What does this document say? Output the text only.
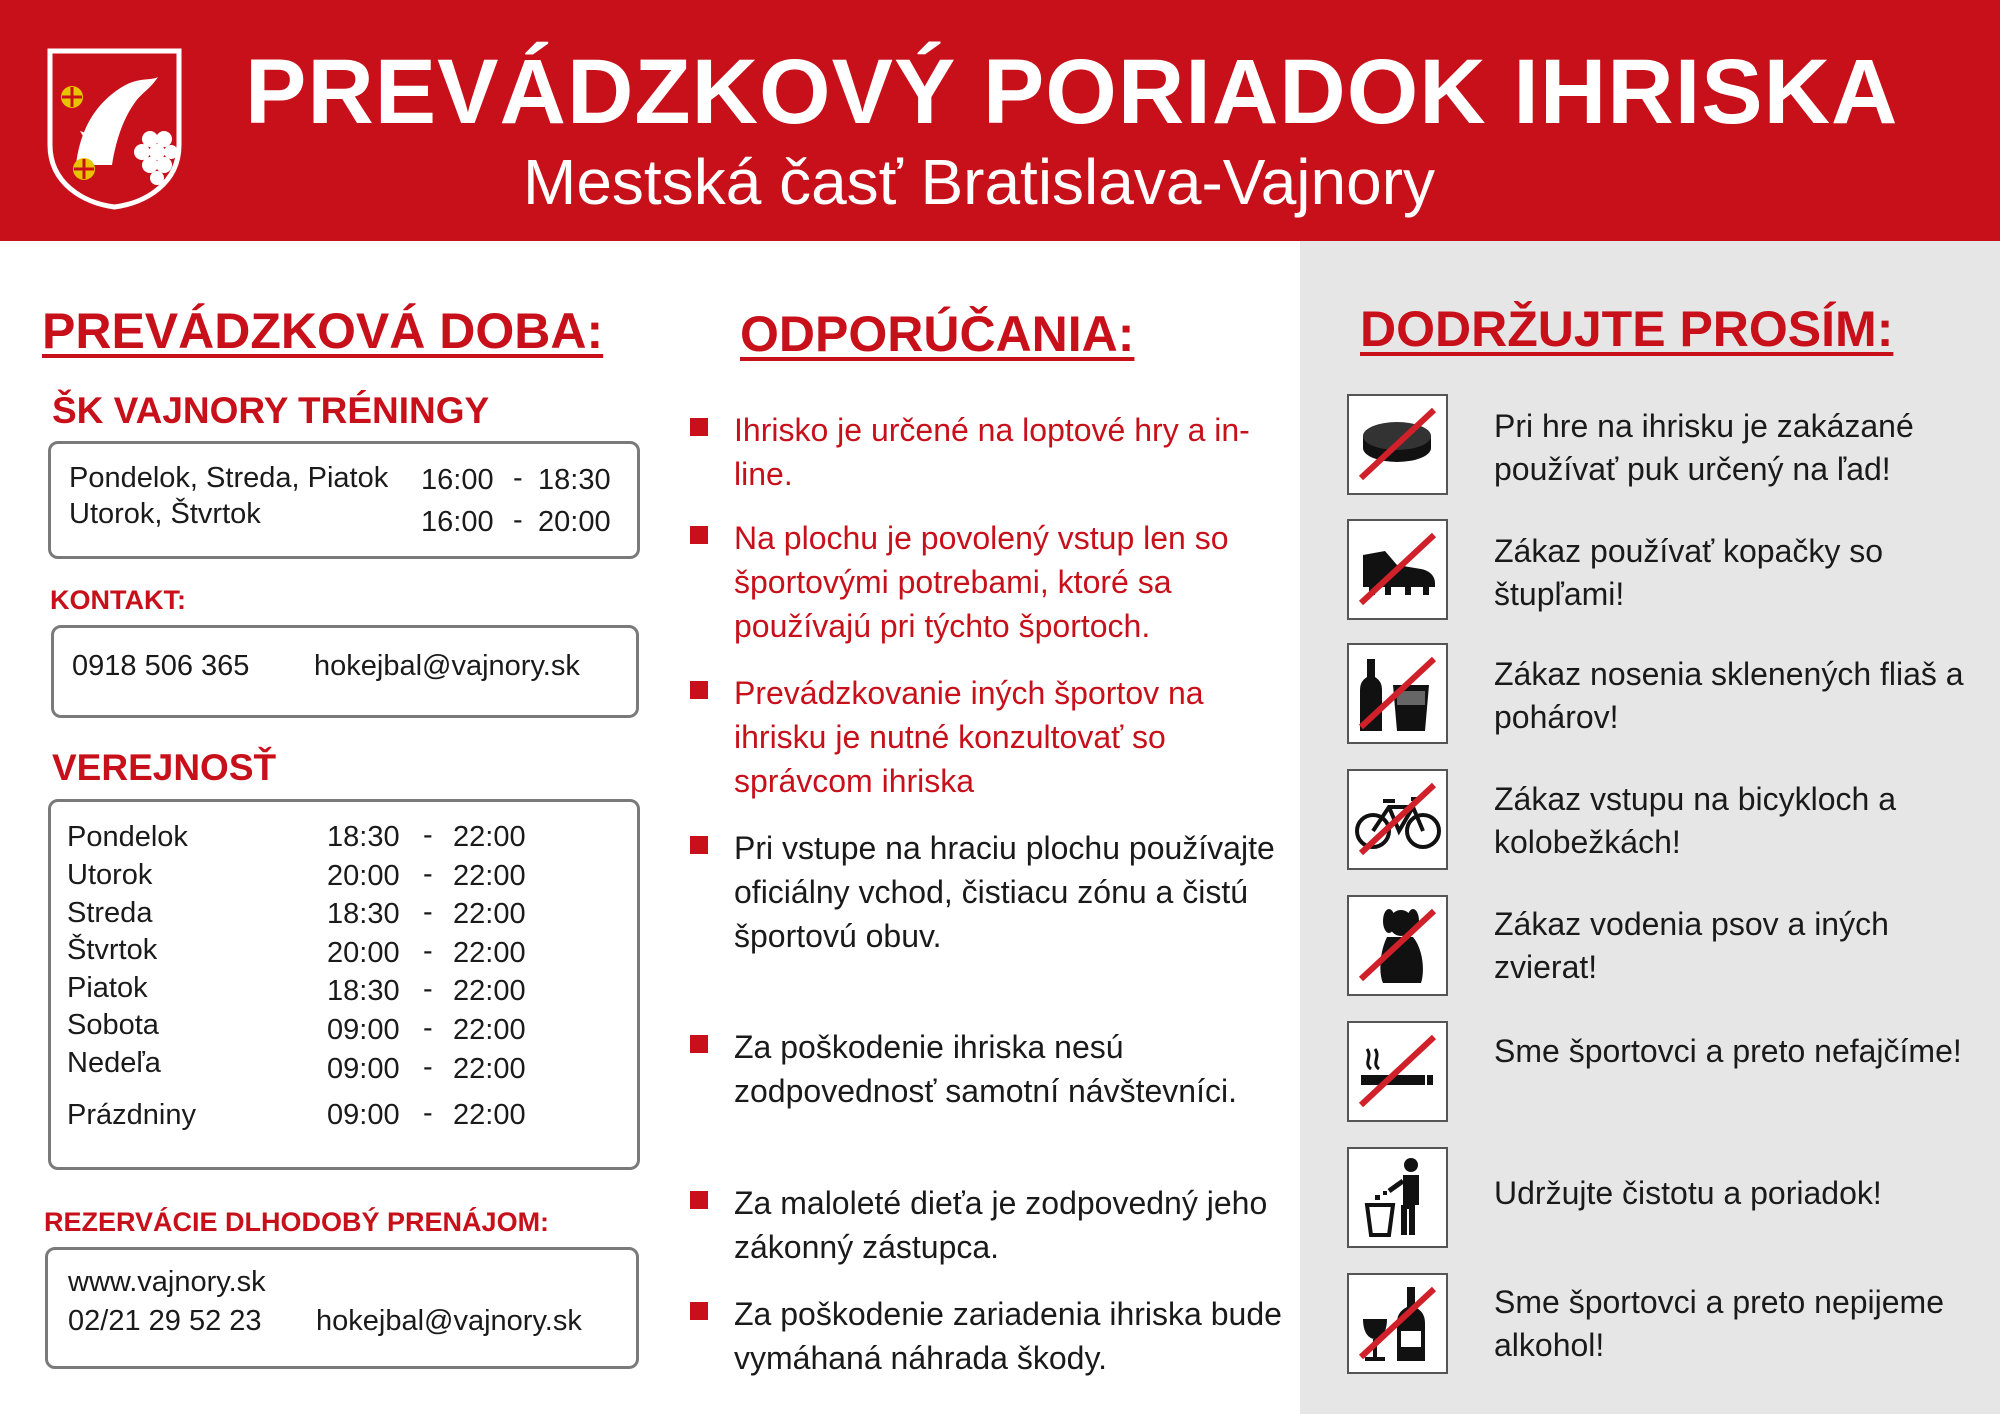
PREVÁDZKOVÝ PORIADOK IHRISKA
Mestská časť Bratislava-Vajnory
PREVÁDZKOVÁ DOBA:
ŠK VAJNORY TRÉNINGY
Pondelok, Streda, Piatok 16:00 - 18:30
Utorok, Štvrtok	16:00 - 20:00
KONTAKT:
0918 506 365 hokejbal@vajnory.sk
VEREJNOSŤ
Pondelok	18:30 - 22:00
Utorok	20:00 - 22:00
Streda	18:30 - 22:00
Štvrtok	20:00 - 22:00
Piatok	18:30 - 22:00
Sobota	09:00 - 22:00
Nedeľa	09:00 - 22:00
Prázdniny	09:00 - 22:00
REZERVÁCIE DLHODOBÝ PRENÁJOM:
www.vajnory.sk
02/21 29 52 23 hokejbal@vajnory.sk
ODPORÚČANIA:
Ihrisko je určené na loptové hry a in-line.
Na plochu je povolený vstup len so športovými potrebami, ktoré sa používajú pri týchto športoch.
Prevádzkovanie iných športov na ihrisku je nutné konzultovať so správcom ihriska
Pri vstupe na hraciu plochu používajte oficiálny vchod, čistiacu zónu a čistú športovú obuv.
Za poškodenie ihriska nesú zodpovednosť samotní návštevníci.
Za maloleté dieťa je zodpovedný jeho zákonný zástupca.
Za poškodenie zariadenia ihriska bude vymáhaná náhrada škody.
DODRŽUJTE PROSÍM:
Pri hre na ihrisku je zakázané používať puk určený na ľad!
Zákaz používať kopačky so štupľami!
Zákaz nosenia sklenených fliaš a pohárov!
Zákaz vstupu na bicykloch a kolobežkách!
Zákaz vodenia psov a iných zvierat!
Sme športovci a preto nefajčíme!
Udržujte čistotu a poriadok!
Sme športovci a preto nepijeme alkohol!
